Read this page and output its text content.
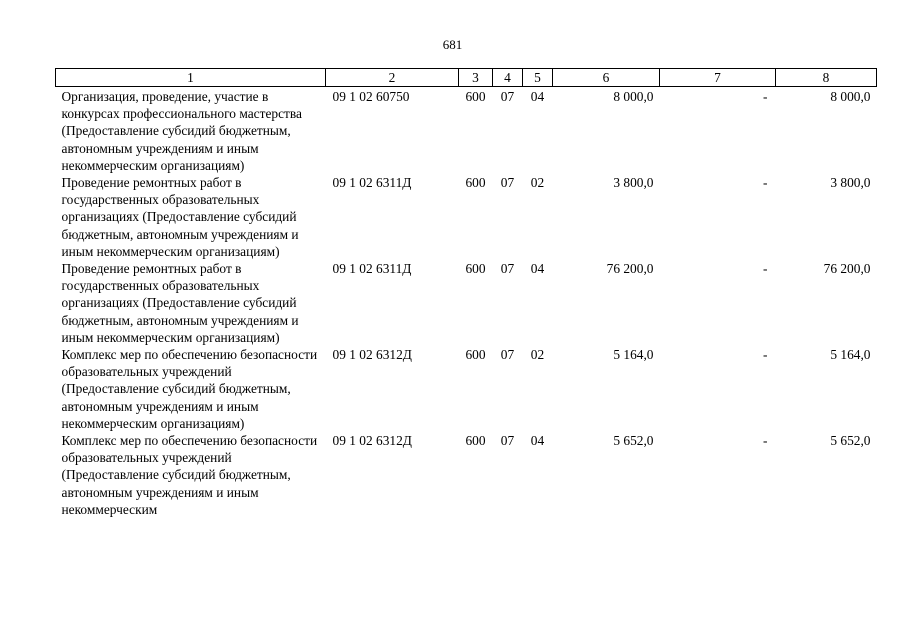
681
1	2	3	4	5	6	7	8
Организация, проведение, участие в конкурсах профессионального мастерства (Предоставление субсидий бюджетным, автономным учреждениям и иным некоммерческим организациям)	09 1 02 60750	600	07	04	8 000,0	-	8 000,0
Проведение ремонтных работ в государственных образовательных организациях (Предоставление субсидий бюджетным, автономным учреждениям и иным некоммерческим организациям)	09 1 02 6311Д	600	07	02	3 800,0	-	3 800,0
Проведение ремонтных работ в государственных образовательных организациях (Предоставление субсидий бюджетным, автономным учреждениям и иным некоммерческим организациям)	09 1 02 6311Д	600	07	04	76 200,0	-	76 200,0
Комплекс мер по обеспечению безопасности образовательных учреждений (Предоставление субсидий бюджетным, автономным учреждениям и иным некоммерческим организациям)	09 1 02 6312Д	600	07	02	5 164,0	-	5 164,0
Комплекс мер по обеспечению безопасности образовательных учреждений (Предоставление субсидий бюджетным, автономным учреждениям и иным некоммерческим	09 1 02 6312Д	600	07	04	5 652,0	-	5 652,0
